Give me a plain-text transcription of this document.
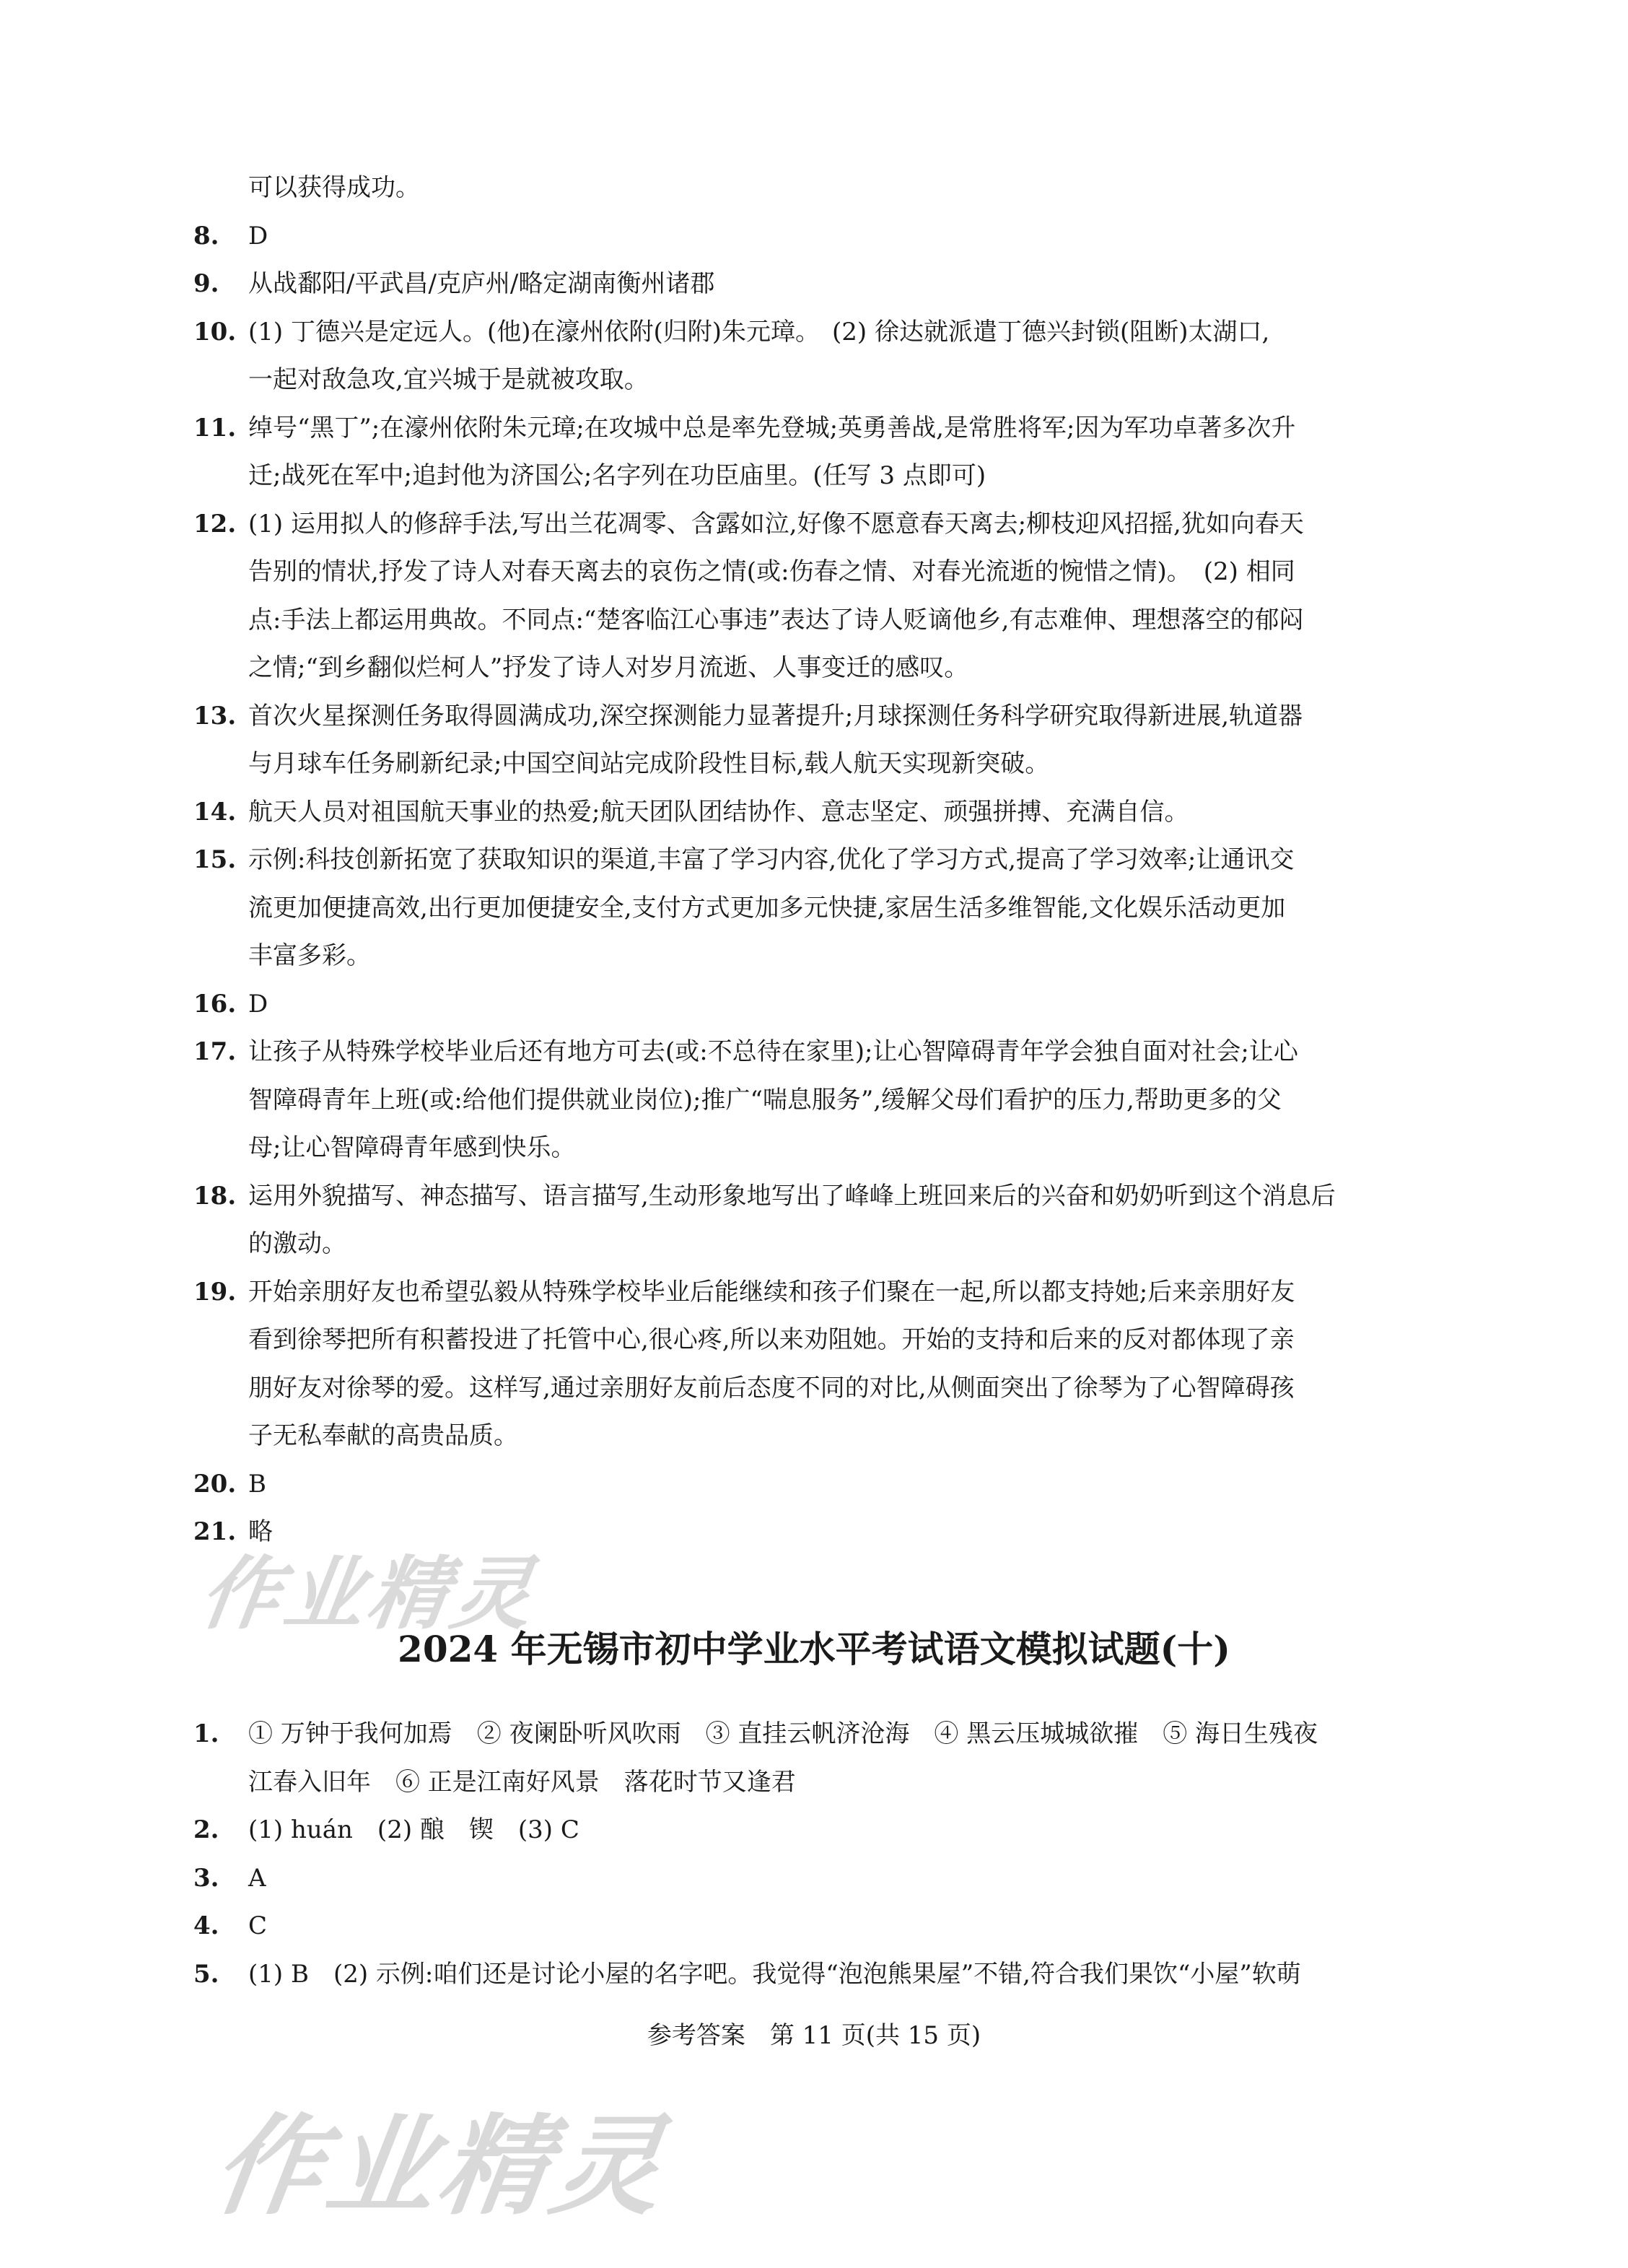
可以获得成功。
8. D
9. 从战鄱阳/平武昌/克庐州/略定湖南衡州诸郡
10. (1) 丁德兴是定远人。(他)在濠州依附(归附)朱元璋。　(2) 徐达就派遣丁德兴封锁(阻断)太湖口,
一起对敌急攻,宜兴城于是就被攻取。
11. 绰号“黑丁”;在濠州依附朱元璋;在攻城中总是率先登城;英勇善战,是常胜将军;因为军功卓著多次升
迁;战死在军中;追封他为济国公;名字列在功臣庙里。(任写 3 点即可)
12. (1) 运用拟人的修辞手法,写出兰花凋零、含露如泣,好像不愿意春天离去;柳枝迎风招摇,犹如向春天
告别的情状,抒发了诗人对春天离去的哀伤之情(或:伤春之情、对春光流逝的惋惜之情)。　(2) 相同
点:手法上都运用典故。不同点:“楚客临江心事违”表达了诗人贬谪他乡,有志难伸、理想落空的郁闷
之情;“到乡翻似烂柯人”抒发了诗人对岁月流逝、人事变迁的感叹。
13. 首次火星探测任务取得圆满成功,深空探测能力显著提升;月球探测任务科学研究取得新进展,轨道器
与月球车任务刷新纪录;中国空间站完成阶段性目标,载人航天实现新突破。
14. 航天人员对祖国航天事业的热爱;航天团队团结协作、意志坚定、顽强拼搏、充满自信。
15. 示例:科技创新拓宽了获取知识的渠道,丰富了学习内容,优化了学习方式,提高了学习效率;让通讯交
流更加便捷高效,出行更加便捷安全,支付方式更加多元快捷,家居生活多维智能,文化娱乐活动更加
丰富多彩。
16. D
17. 让孩子从特殊学校毕业后还有地方可去(或:不总待在家里);让心智障碍青年学会独自面对社会;让心
智障碍青年上班(或:给他们提供就业岗位);推广“喘息服务”,缓解父母们看护的压力,帮助更多的父
母;让心智障碍青年感到快乐。
18. 运用外貌描写、神态描写、语言描写,生动形象地写出了峰峰上班回来后的兴奋和奶奶听到这个消息后
的激动。
19. 开始亲朋好友也希望弘毅从特殊学校毕业后能继续和孩子们聚在一起,所以都支持她;后来亲朋好友
看到徐琴把所有积蓄投进了托管中心,很心疼,所以来劝阻她。开始的支持和后来的反对都体现了亲
朋好友对徐琴的爱。这样写,通过亲朋好友前后态度不同的对比,从侧面突出了徐琴为了心智障碍孩
子无私奉献的高贵品质。
20. B
21. 略
2024 年无锡市初中学业水平考试语文模拟试题(十)
1. ① 万钟于我何加焉　② 夜阑卧听风吹雨　③ 直挂云帆济沧海　④ 黑云压城城欲摧　⑤ 海日生残夜
江春入旧年　⑥ 正是江南好风景　落花时节又逢君
2. (1) huán　(2) 酿　锲　(3) C
3. A
4. C
5. (1) B　(2) 示例:咱们还是讨论小屋的名字吧。我觉得“泡泡熊果屋”不错,符合我们果饮“小屋”软萌
参考答案　第 11 页(共 15 页)
作业精灵
作业精灵
